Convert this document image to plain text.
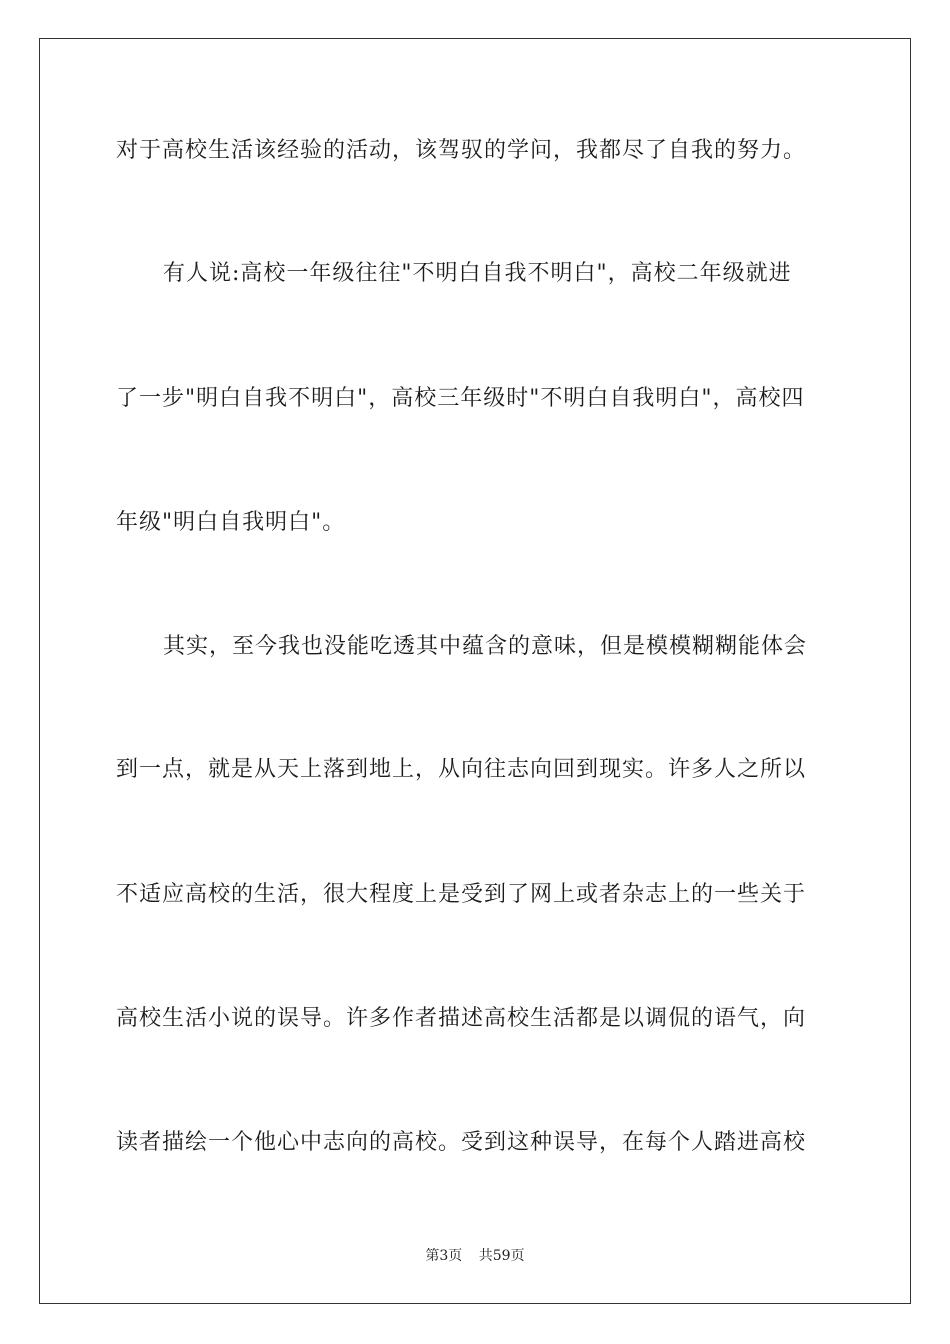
对于高校生活该经验的活动，该驾驭的学问，我都尽了自我的努力。
有人说:高校一年级往往"不明白自我不明白"，高校二年级就进
了一步"明白自我不明白"，高校三年级时"不明白自我明白"，高校四
年级"明白自我明白"。
其实，至今我也没能吃透其中蕴含的意味，但是模模糊糊能体会
到一点，就是从天上落到地上，从向往志向回到现实。许多人之所以
不适应高校的生活，很大程度上是受到了网上或者杂志上的一些关于
高校生活小说的误导。许多作者描述高校生活都是以调侃的语气，向
读者描绘一个他心中志向的高校。受到这种误导，在每个人踏进高校
第3页 共59页
